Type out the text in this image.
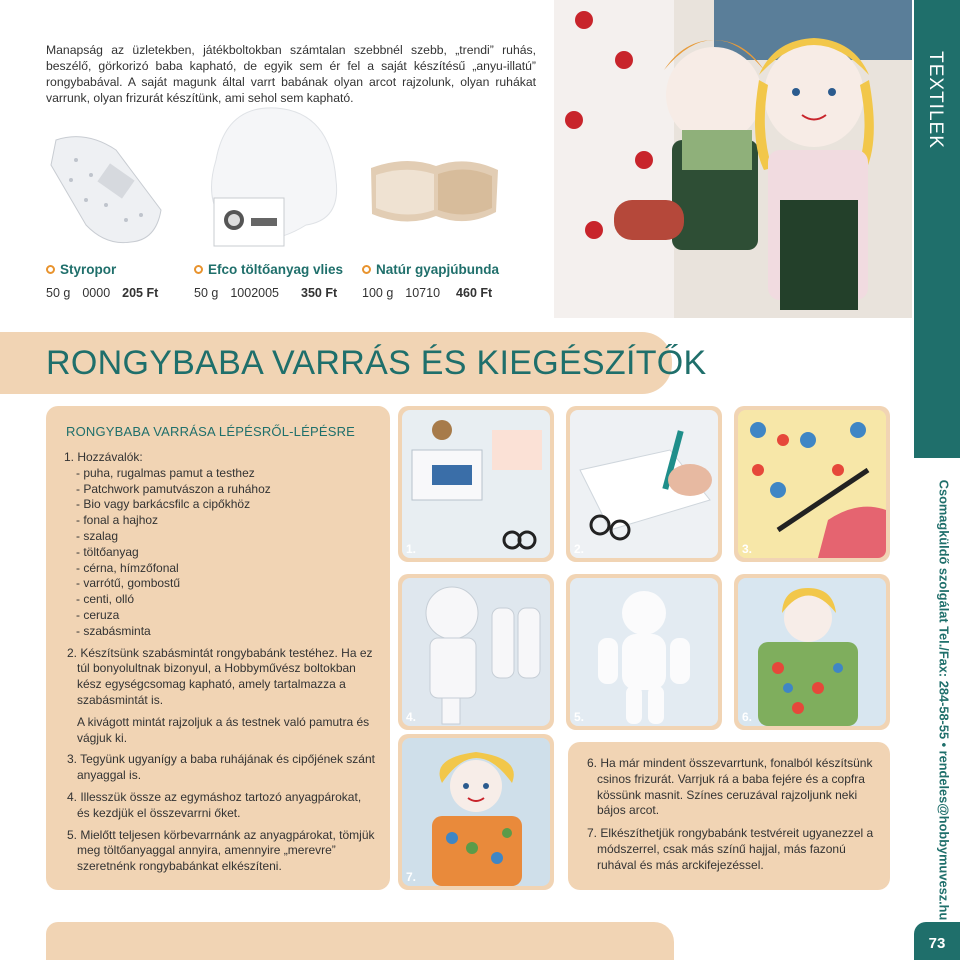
Manapság az üzletekben, játékboltokban számtalan szebbnél szebb, „trendi” ruhás, beszélő, görkorizó baba kapható, de egyik sem ér fel a saját készítésű „anyu-illatú” rongybabával. A saját magunk által varrt babának olyan arcot rajzolunk, olyan ruhákat varrunk, olyan frizurát készítünk, ami sehol sem kapható.
Styropor
50 g 0000 205 Ft
Efco töltőanyag vlies
50 g 1002005 350 Ft
Natúr gyapjúbunda
100 g 10710 460 Ft
TEXTILEK
Csomagküldő szolgálat Tel./Fax: 284-58-55 • rendeles@hobbymuvesz.hu
73
RONGYBABA VARRÁS ÉS KIEGÉSZÍTŐK
RONGYBABA VARRÁSA LÉPÉSRŐL-LÉPÉSRE
1. Hozzávalók:
- puha, rugalmas pamut a testhez
- Patchwork pamutvászon a ruhához
- Bio vagy barkácsfilc a cipőkhöz
- fonal a hajhoz
- szalag
- töltőanyag
- cérna, hímzőfonal
- varrótű, gombostű
- centi, olló
- ceruza
- szabásminta

2. Készítsünk szabásmintát rongybabánk testéhez. Ha ez túl bonyolultnak bizonyul, a Hobbyművész boltokban kész egységcsomag kapható, amely tartalmazza a szabásmintát is.

A kivágott mintát rajzoljuk a ás testnek való pamutra és vágjuk ki.

3. Tegyünk ugyanígy a baba ruhájának és cipőjének szánt anyaggal is.

4. Illesszük össze az egymáshoz tartozó anyagpárokat, és kezdjük el összevarrni őket.

5. Mielőtt teljesen körbevarrnánk az anyagpárokat, tömjük meg töltőanyaggal annyira, amennyire „merevre” szeretnénk rongybabánkat elkészíteni.

1.	2.	3.
4.	5.	6.
7.

6. Ha már mindent összevarrtunk, fonalból készítsünk csinos frizurát. Varrjuk rá a baba fejére és a copfra kössünk masnit. Színes ceruzával rajzoljunk neki bájos arcot.

7. Elkészíthetjük rongybabánk testvéreit ugyanezzel a módszerrel, csak más színű hajjal, más fazonú ruhával és más arckifejezéssel.
